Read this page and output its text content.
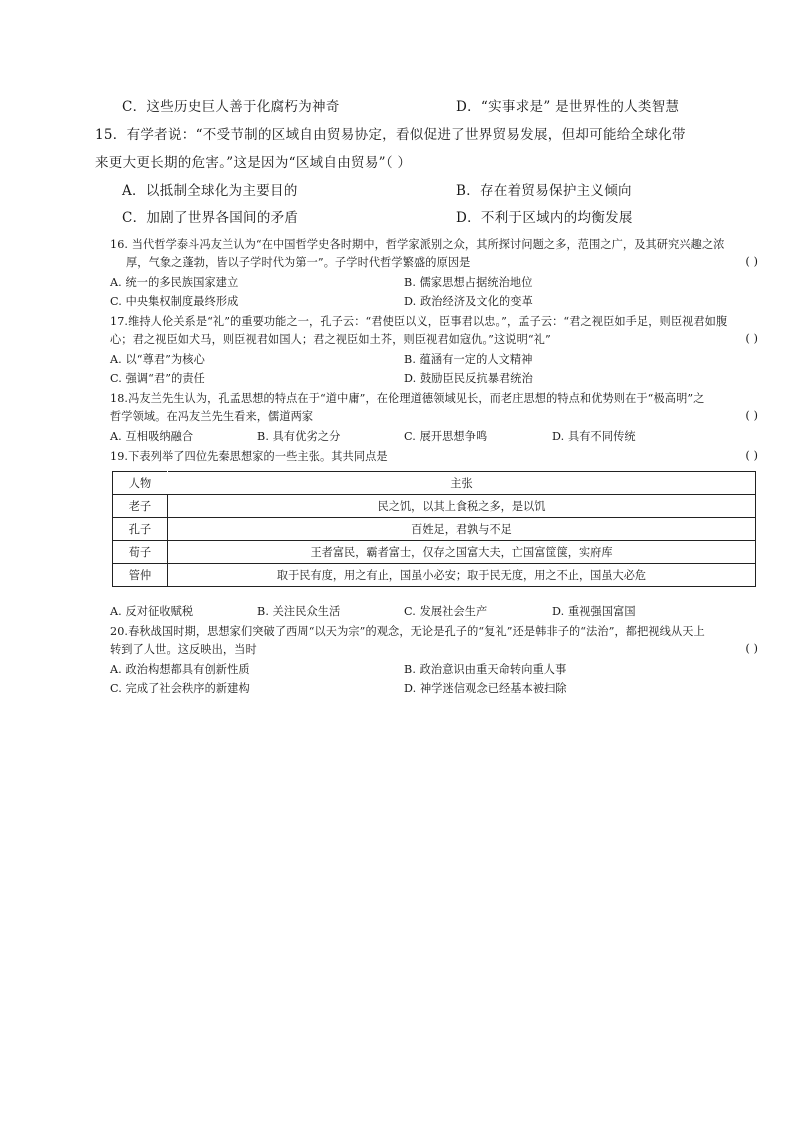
C．这些历史巨人善于化腐朽为神奇	D．“实事求是” 是世界性的人类智慧
15．有学者说：“不受节制的区域自由贸易协定，看似促进了世界贸易发展，但却可能给全球化带
来更大更长期的危害。”这是因为“区域自由贸易”（ ）
A．以抵制全球化为主要目的	B．存在着贸易保护主义倾向
C．加剧了世界各国间的矛盾	D．不利于区域内的均衡发展
16. 当代哲学泰斗冯友兰认为“在中国哲学史各时期中，哲学家派别之众，其所探讨问题之多，范围之广，及其研究兴趣之浓
厚，气象之蓬勃，皆以子学时代为第一”。子学时代哲学繁盛的原因是	( )
A. 统一的多民族国家建立	B. 儒家思想占据统治地位
C. 中央集权制度最终形成	D. 政治经济及文化的变革
17.维持人伦关系是“礼”的重要功能之一，孔子云：“君使臣以义，臣事君以忠。”，孟子云：“君之视臣如手足，则臣视君如腹
心；君之视臣如犬马，则臣视君如国人；君之视臣如土芥，则臣视君如寇仇。”这说明“礼”	( )
A. 以“尊君”为核心	B. 蕴涵有一定的人文精神
C. 强调“君”的责任	D. 鼓励臣民反抗暴君统治
18.冯友兰先生认为，孔孟思想的特点在于“道中庸”，在伦理道德领域见长，而老庄思想的特点和优势则在于“极高明”之
哲学领域。在冯友兰先生看来，儒道两家	( )
A. 互相吸纳融合	B. 具有优劣之分	C. 展开思想争鸣	D. 具有不同传统
19.下表列举了四位先秦思想家的一些主张。其共同点是	( )
人物	主张
老子	民之饥，以其上食税之多，是以饥
孔子	百姓足，君孰与不足
荀子	王者富民，霸者富士，仅存之国富大夫，亡国富筐箧，实府库
管仲	取于民有度，用之有止，国虽小必安；取于民无度，用之不止，国虽大必危
A. 反对征收赋税	B. 关注民众生活	C. 发展社会生产	D. 重视强国富国
20.春秋战国时期，思想家们突破了西周“以天为宗”的观念，无论是孔子的“复礼”还是韩非子的“法治”，都把视线从天上
转到了人世。这反映出，当时	( )
A. 政治构想都具有创新性质	B. 政治意识由重天命转向重人事
C. 完成了社会秩序的新建构	D. 神学迷信观念已经基本被扫除
